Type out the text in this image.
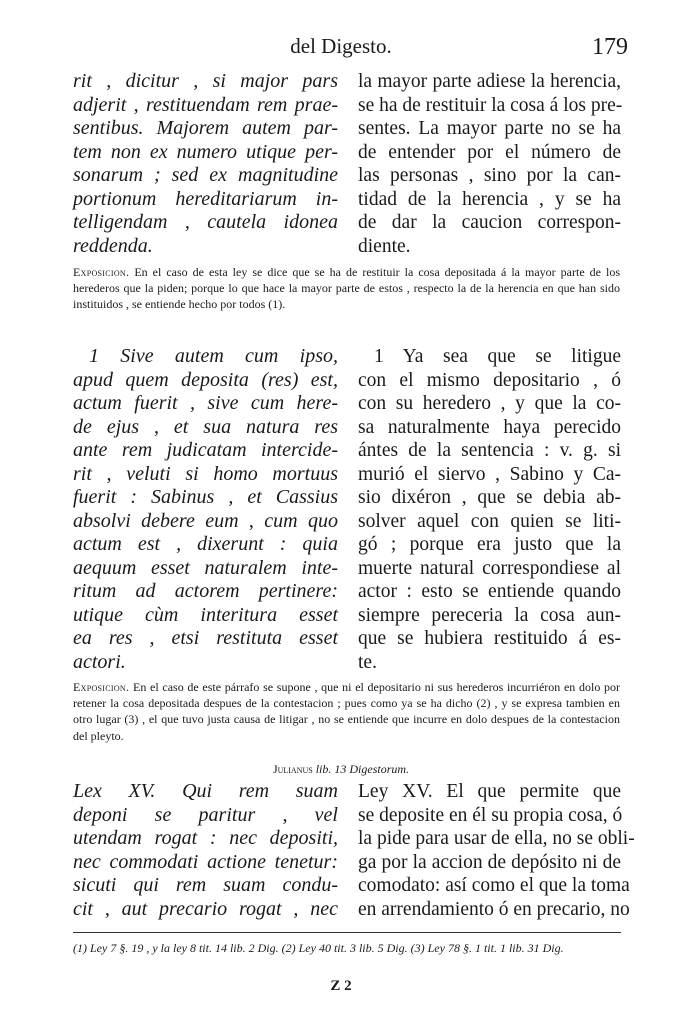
del Digesto.	179
rit , dicitur , si major pars
adjerit , restituendam rem prae-
sentibus. Majorem autem par-
tem non ex numero utique per-
sonarum ; sed ex magnitudine
portionum hereditariarum in-
telligendam , cautela idonea
reddenda.
la mayor parte adiese la herencia,
se ha de restituir la cosa á los pre-
sentes. La mayor parte no se ha
de entender por el número de
las personas , sino por la can-
tidad de la herencia , y se ha
de dar la caucion correspon-
diente.
Exposicion. En el caso de esta ley se dice que se ha de restituir la cosa depositada á la mayor parte de los herederos que la piden; porque lo que hace la mayor parte de estos , respecto la de la herencia en que han sido instituidos , se entiende hecho por todos (1).
1 Sive autem cum ipso,
apud quem deposita (res) est,
actum fuerit , sive cum here-
de ejus , et sua natura res
ante rem judicatam intercide-
rit , veluti si homo mortuus
fuerit : Sabinus , et Cassius
absolvi debere eum , cum quo
actum est , dixerunt : quia
aequum esset naturalem inte-
ritum ad actorem pertinere:
utique cùm interitura esset
ea res , etsi restituta esset
actori.
1 Ya sea que se litigue
con el mismo depositario , ó
con su heredero , y que la co-
sa naturalmente haya perecido
ántes de la sentencia : v. g. si
murió el siervo , Sabino y Ca-
sio dixéron , que se debia ab-
solver aquel con quien se liti-
gó ; porque era justo que la
muerte natural correspondiese al
actor : esto se entiende quando
siempre pereceria la cosa aun-
que se hubiera restituido á es-
te.
Exposicion. En el caso de este párrafo se supone , que ni el depositario ni sus herederos incurriéron en dolo por retener la cosa depositada despues de la contestacion ; pues como ya se ha dicho (2) , y se expresa tambien en otro lugar (3) , el que tuvo justa causa de litigar , no se entiende que incurre en dolo despues de la contestacion del pleyto.
Julianus lib. 13 Digestorum.
Lex XV. Qui rem suam
deponi se paritur , vel
utendam rogat : nec depositi,
nec commodati actione tenetur:
sicuti qui rem suam condu-
cit , aut precario rogat , nec
Ley XV. El que permite que
se deposite en él su propia cosa, ó
la pide para usar de ella, no se obli-
ga por la accion de depósito ni de
comodato: así como el que la toma
en arrendamiento ó en precario, no
(1) Ley 7 §. 19 , y la ley 8 tit. 14 lib. 2 Dig. (2) Ley 40 tit. 3 lib. 5 Dig. (3) Ley 78 §. 1 tit. 1 lib. 31 Dig.
Z 2
